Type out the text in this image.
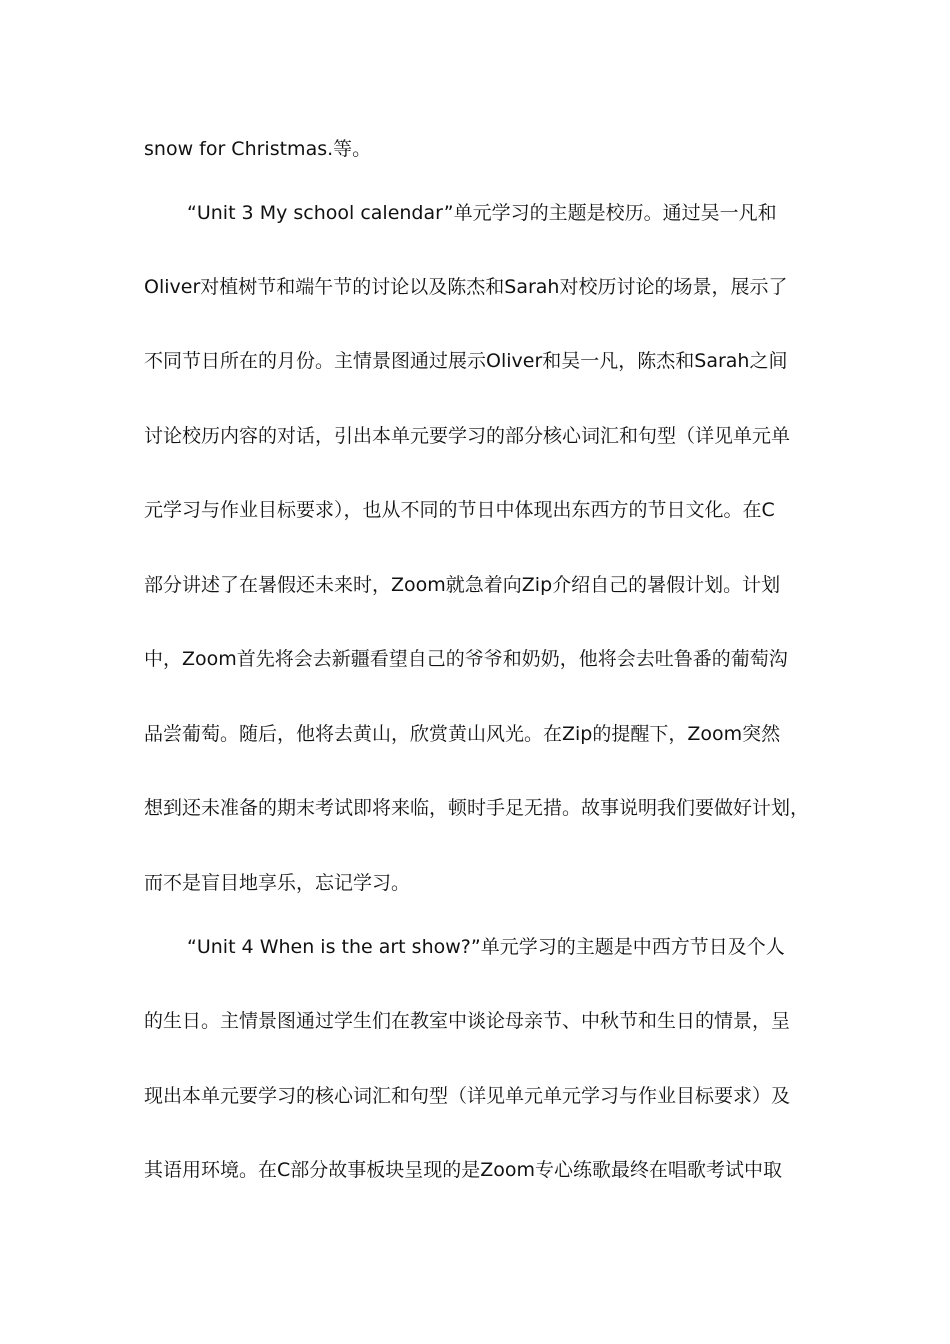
snow for Christmas.等。
“Unit 3 My school calendar”单元学习的主题是校历。通过吴一凡和
Oliver对植树节和端午节的讨论以及陈杰和Sarah对校历讨论的场景，展示了
不同节日所在的月份。主情景图通过展示Oliver和吴一凡，陈杰和Sarah之间
讨论校历内容的对话，引出本单元要学习的部分核心词汇和句型（详见单元单
元学习与作业目标要求），也从不同的节日中体现出东西方的节日文化。在C
部分讲述了在暑假还未来时，Zoom就急着向Zip介绍自己的暑假计划。计划
中，Zoom首先将会去新疆看望自己的爷爷和奶奶，他将会去吐鲁番的葡萄沟
品尝葡萄。随后，他将去黄山，欣赏黄山风光。在Zip的提醒下，Zoom突然
想到还未准备的期末考试即将来临，顿时手足无措。故事说明我们要做好计划，
而不是盲目地享乐，忘记学习。
“Unit 4 When is the art show?”单元学习的主题是中西方节日及个人
的生日。主情景图通过学生们在教室中谈论母亲节、中秋节和生日的情景，呈
现出本单元要学习的核心词汇和句型（详见单元单元学习与作业目标要求）及
其语用环境。在C部分故事板块呈现的是Zoom专心练歌最终在唱歌考试中取
